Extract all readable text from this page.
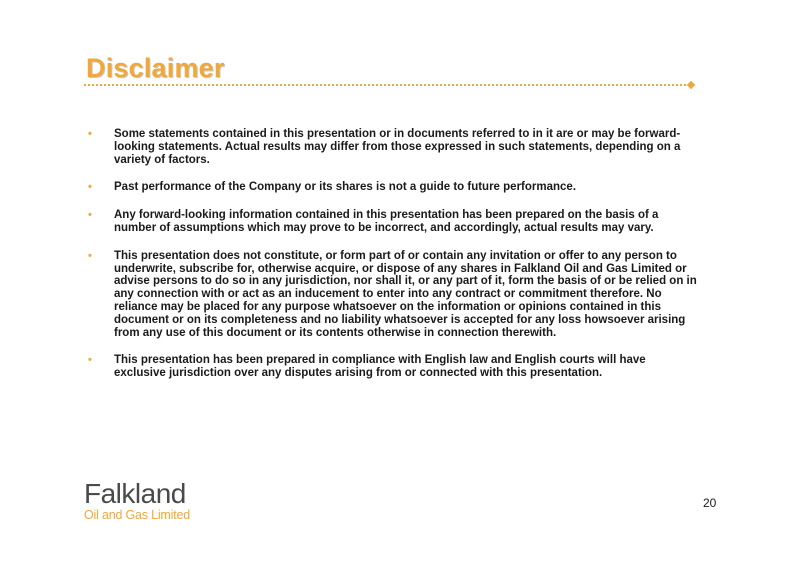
Disclaimer
• Some statements contained in this presentation or in documents referred to in it are or may be forward-looking statements. Actual results may differ from those expressed in such statements, depending on a variety of factors.
• Past performance of the Company or its shares is not a guide to future performance.
• Any forward-looking information contained in this presentation has been prepared on the basis of a number of assumptions which may prove to be incorrect, and accordingly, actual results may vary.
• This presentation does not constitute, or form part of or contain any invitation or offer to any person to underwrite, subscribe for, otherwise acquire, or dispose of any shares in Falkland Oil and Gas Limited or advise persons to do so in any jurisdiction, nor shall it, or any part of it, form the basis of or be relied on in any connection with or act as an inducement to enter into any contract or commitment therefore. No reliance may be placed for any purpose whatsoever on the information or opinions contained in this document or on its completeness and no liability whatsoever is accepted for any loss howsoever arising from any use of this document or its contents otherwise in connection therewith.
• This presentation has been prepared in compliance with English law and English courts will have exclusive jurisdiction over any disputes arising from or connected with this presentation.
Falkland
Oil and Gas Limited
20
